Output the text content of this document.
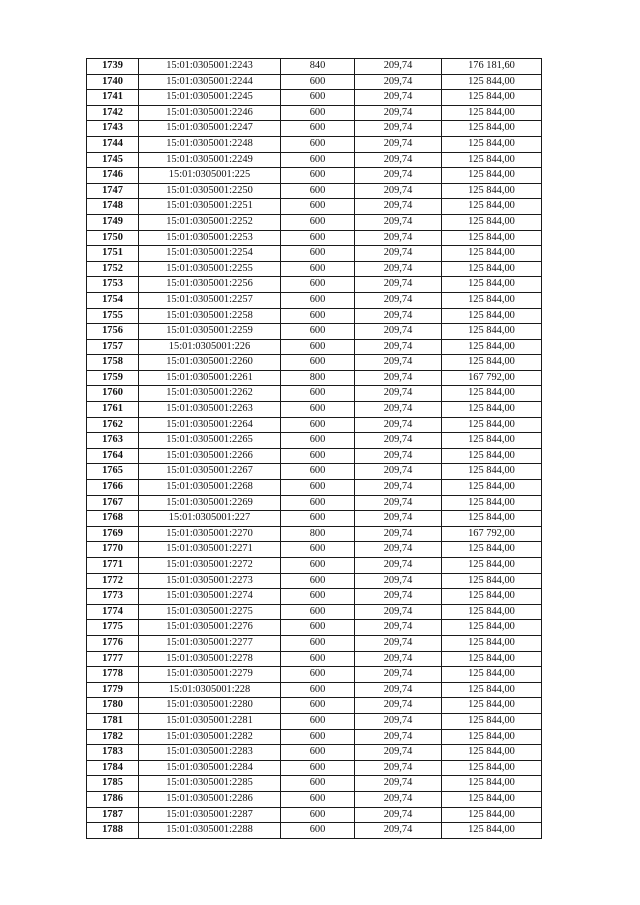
1739	15:01:0305001:2243	840	209,74	176 181,60
1740	15:01:0305001:2244	600	209,74	125 844,00
1741	15:01:0305001:2245	600	209,74	125 844,00
1742	15:01:0305001:2246	600	209,74	125 844,00
1743	15:01:0305001:2247	600	209,74	125 844,00
1744	15:01:0305001:2248	600	209,74	125 844,00
1745	15:01:0305001:2249	600	209,74	125 844,00
1746	15:01:0305001:225	600	209,74	125 844,00
1747	15:01:0305001:2250	600	209,74	125 844,00
1748	15:01:0305001:2251	600	209,74	125 844,00
1749	15:01:0305001:2252	600	209,74	125 844,00
1750	15:01:0305001:2253	600	209,74	125 844,00
1751	15:01:0305001:2254	600	209,74	125 844,00
1752	15:01:0305001:2255	600	209,74	125 844,00
1753	15:01:0305001:2256	600	209,74	125 844,00
1754	15:01:0305001:2257	600	209,74	125 844,00
1755	15:01:0305001:2258	600	209,74	125 844,00
1756	15:01:0305001:2259	600	209,74	125 844,00
1757	15:01:0305001:226	600	209,74	125 844,00
1758	15:01:0305001:2260	600	209,74	125 844,00
1759	15:01:0305001:2261	800	209,74	167 792,00
1760	15:01:0305001:2262	600	209,74	125 844,00
1761	15:01:0305001:2263	600	209,74	125 844,00
1762	15:01:0305001:2264	600	209,74	125 844,00
1763	15:01:0305001:2265	600	209,74	125 844,00
1764	15:01:0305001:2266	600	209,74	125 844,00
1765	15:01:0305001:2267	600	209,74	125 844,00
1766	15:01:0305001:2268	600	209,74	125 844,00
1767	15:01:0305001:2269	600	209,74	125 844,00
1768	15:01:0305001:227	600	209,74	125 844,00
1769	15:01:0305001:2270	800	209,74	167 792,00
1770	15:01:0305001:2271	600	209,74	125 844,00
1771	15:01:0305001:2272	600	209,74	125 844,00
1772	15:01:0305001:2273	600	209,74	125 844,00
1773	15:01:0305001:2274	600	209,74	125 844,00
1774	15:01:0305001:2275	600	209,74	125 844,00
1775	15:01:0305001:2276	600	209,74	125 844,00
1776	15:01:0305001:2277	600	209,74	125 844,00
1777	15:01:0305001:2278	600	209,74	125 844,00
1778	15:01:0305001:2279	600	209,74	125 844,00
1779	15:01:0305001:228	600	209,74	125 844,00
1780	15:01:0305001:2280	600	209,74	125 844,00
1781	15:01:0305001:2281	600	209,74	125 844,00
1782	15:01:0305001:2282	600	209,74	125 844,00
1783	15:01:0305001:2283	600	209,74	125 844,00
1784	15:01:0305001:2284	600	209,74	125 844,00
1785	15:01:0305001:2285	600	209,74	125 844,00
1786	15:01:0305001:2286	600	209,74	125 844,00
1787	15:01:0305001:2287	600	209,74	125 844,00
1788	15:01:0305001:2288	600	209,74	125 844,00
